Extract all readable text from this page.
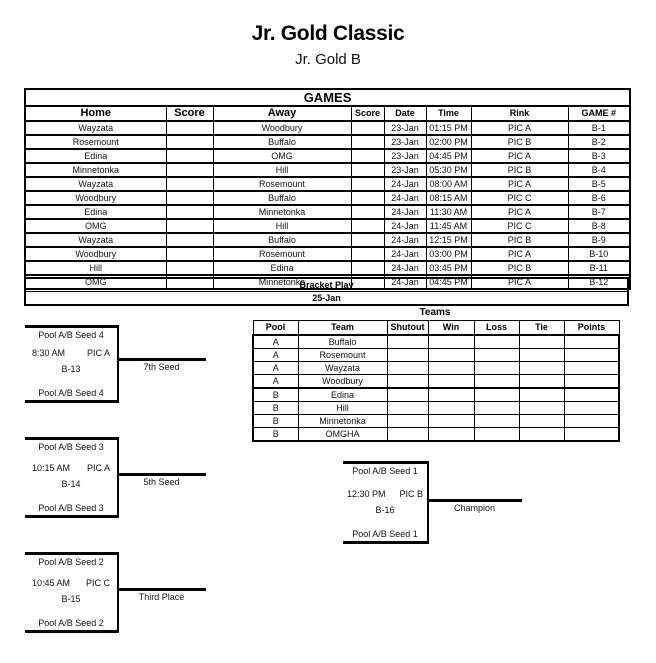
Jr. Gold Classic
Jr. Gold B
GAMES							
Home	Score	Away	Score	Date	Time	Rink	GAME #
Wayzata		Woodbury		23-Jan	01:15 PM	PIC A	B-1
Rosemount		Buffalo		23-Jan	02:00 PM	PIC B	B-2
Edina		OMG		23-Jan	04:45 PM	PIC A	B-3
Minnetonka		Hill		23-Jan	05:30 PM	PIC B	B-4
Wayzata		Rosemount		24-Jan	08:00 AM	PIC A	B-5
Woodbury		Buffalo		24-Jan	08:15 AM	PIC C	B-6
Edina		Minnetonka		24-Jan	11:30 AM	PIC A	B-7
OMG		Hill		24-Jan	11:45 AM	PIC C	B-8
Wayzata		Buffalo		24-Jan	12:15 PM	PIC B	B-9
Woodbury		Rosemount		24-Jan	03:00 PM	PIC A	B-10
Hill		Edina		24-Jan	03:45 PM	PIC B	B-11
OMG		Minnetonka		24-Jan	04:45 PM	PIC A	B-12
Bracket Play
25-Jan
Teams
Pool	Team	Shutout	Win	Loss	Tie	Points
A	Buffalo					
A	Rosemount					
A	Wayzata					
A	Woodbury					
B	Edina					
B	Hill					
B	Minnetonka					
B	OMGHA					
Pool A/B Seed 4
8:30 AM PIC A
B-13
Pool A/B Seed 4
7th Seed
Pool A/B Seed 3
10:15 AM PIC A
B-14
Pool A/B Seed 3
5th Seed
Pool A/B Seed 2
10:45 AM PIC C
B-15
Pool A/B Seed 2
Third Place
Pool A/B Seed 1
12:30 PM PIC B
B-16
Pool A/B Seed 1
Champion
